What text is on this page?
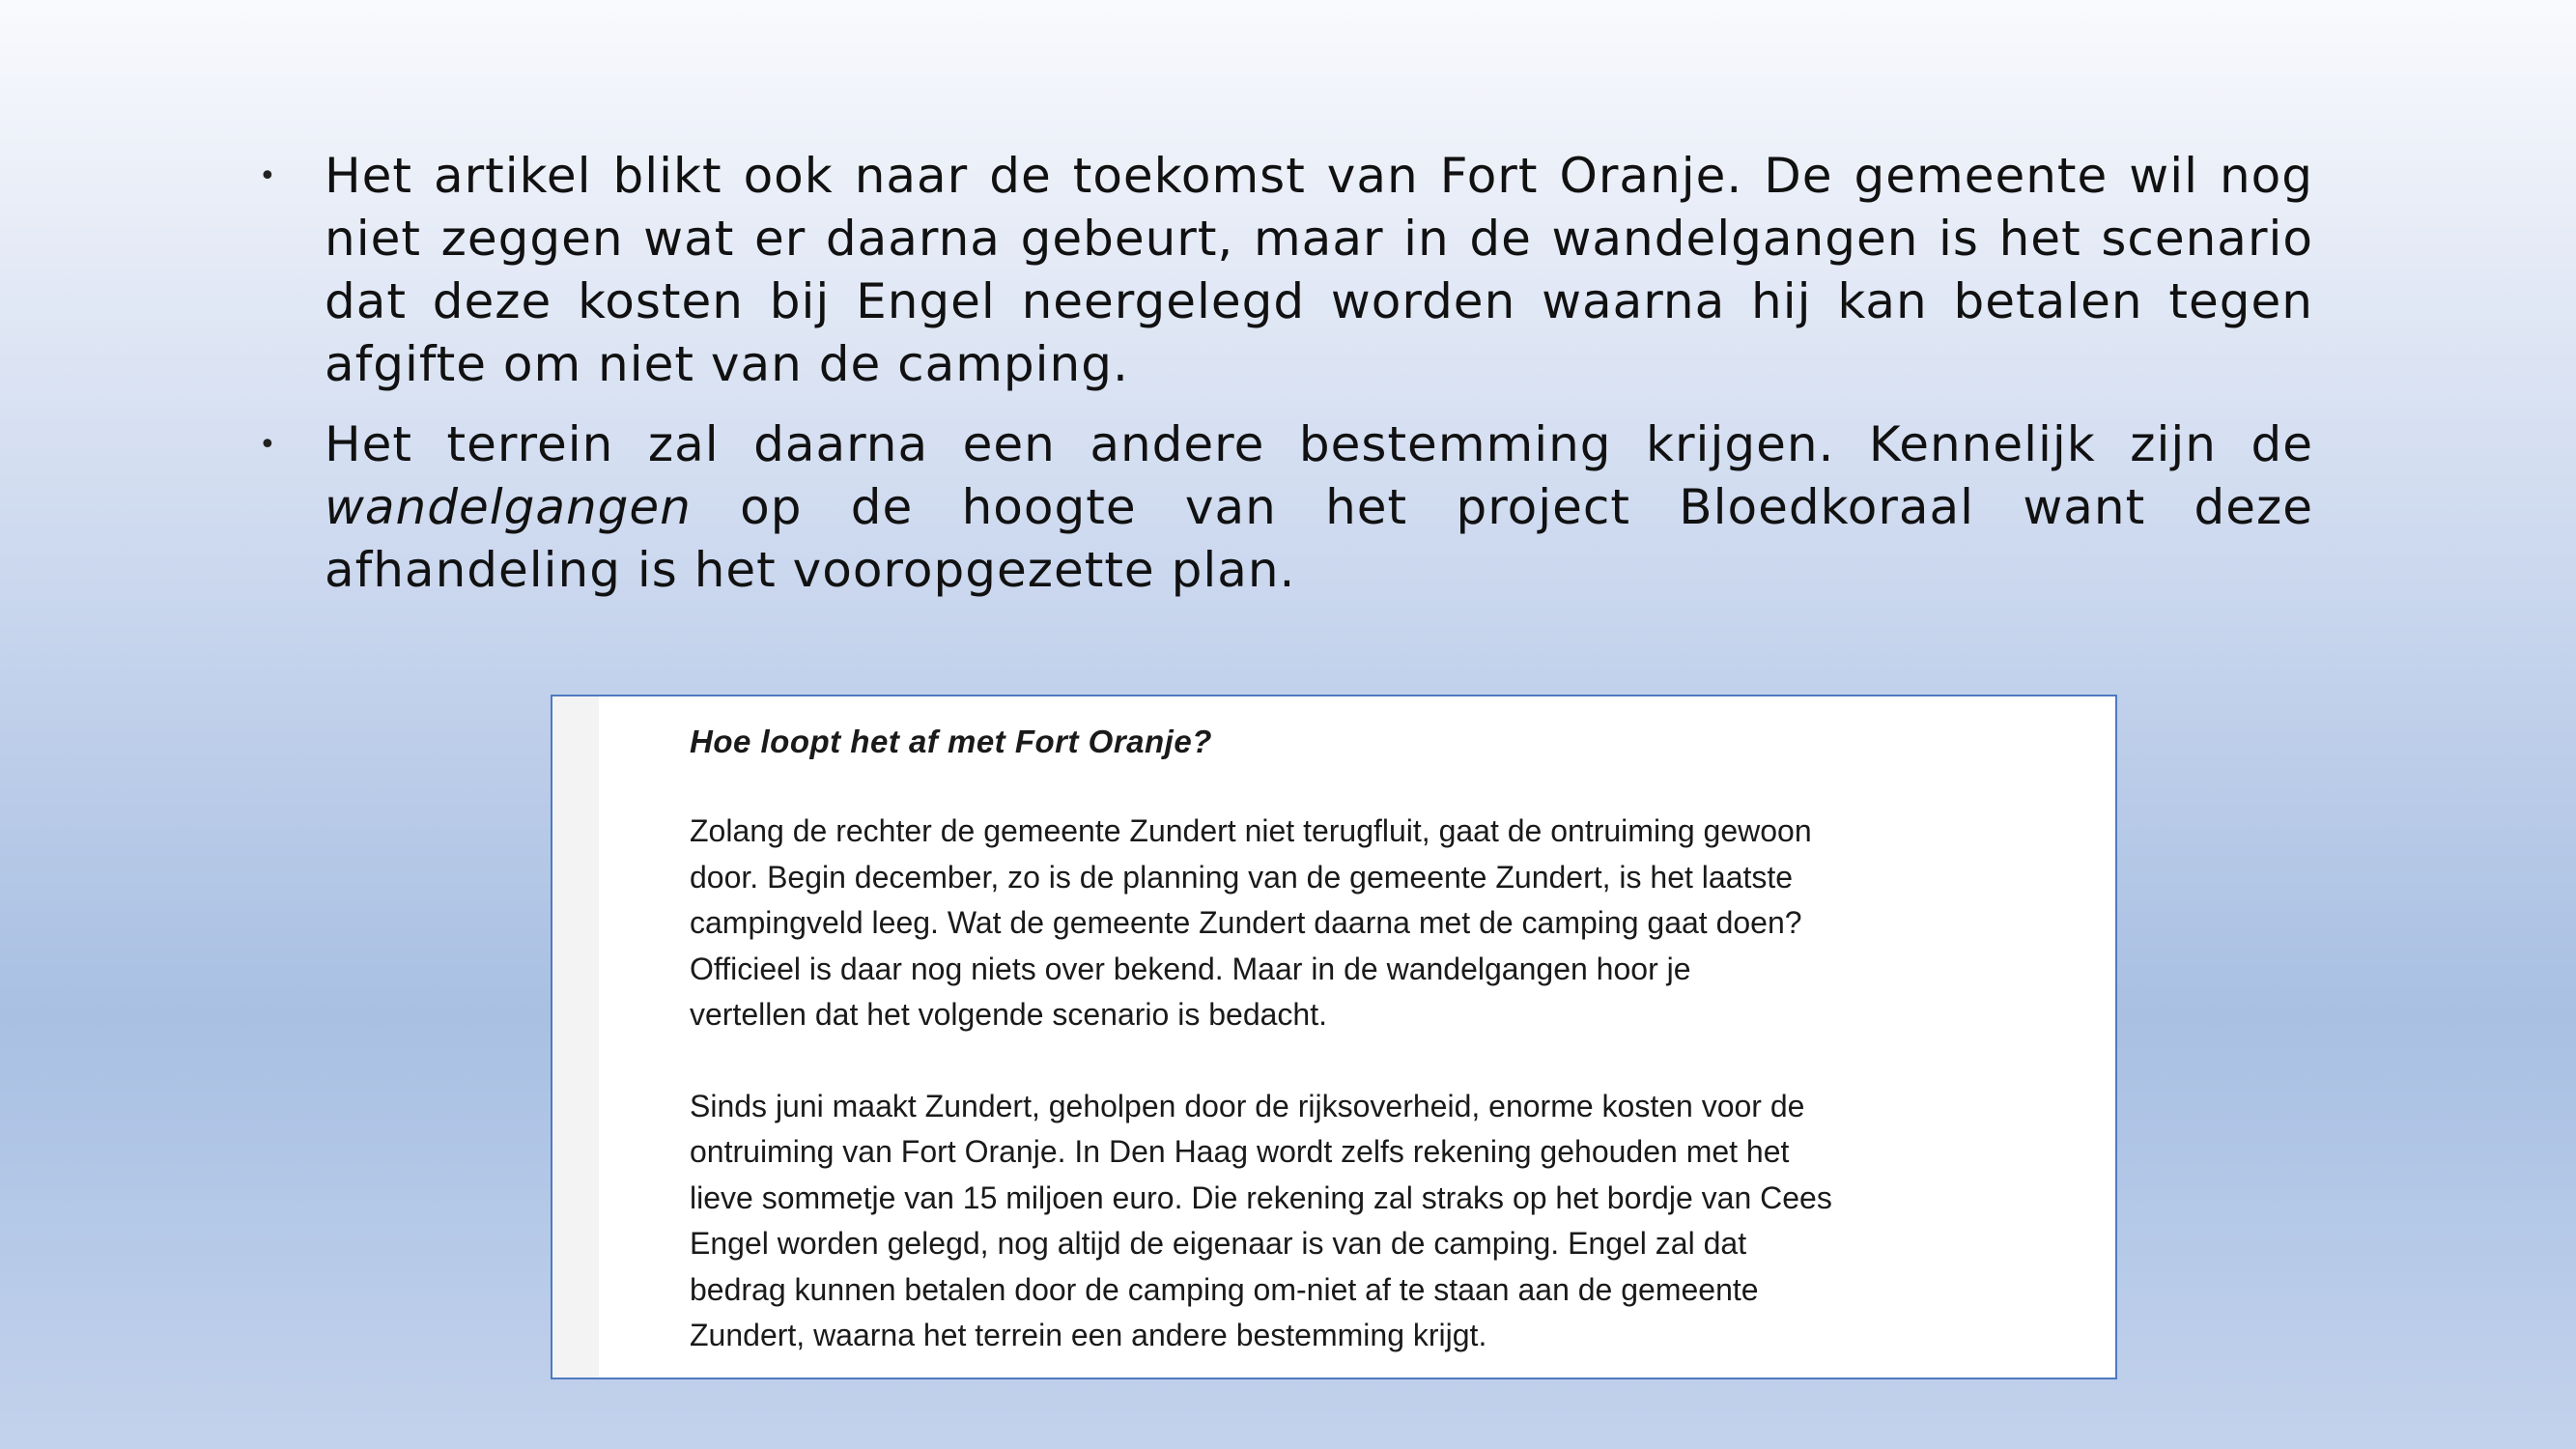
• Het artikel blikt ook naar de toekomst van Fort Oranje. De gemeente wil nog niet zeggen wat er daarna gebeurt, maar in de wandelgangen is het scenario dat deze kosten bij Engel neergelegd worden waarna hij kan betalen tegen afgifte om niet van de camping.
• Het terrein zal daarna een andere bestemming krijgen. Kennelijk zijn de wandelgangen op de hoogte van het project Bloedkoraal want deze afhandeling is het vooropgezette plan.
Hoe loopt het af met Fort Oranje?
Zolang de rechter de gemeente Zundert niet terugfluit, gaat de ontruiming gewoon
door. Begin december, zo is de planning van de gemeente Zundert, is het laatste
campingveld leeg. Wat de gemeente Zundert daarna met de camping gaat doen?
Officieel is daar nog niets over bekend. Maar in de wandelgangen hoor je
vertellen dat het volgende scenario is bedacht.
Sinds juni maakt Zundert, geholpen door de rijksoverheid, enorme kosten voor de
ontruiming van Fort Oranje. In Den Haag wordt zelfs rekening gehouden met het
lieve sommetje van 15 miljoen euro. Die rekening zal straks op het bordje van Cees
Engel worden gelegd, nog altijd de eigenaar is van de camping. Engel zal dat
bedrag kunnen betalen door de camping om-niet af te staan aan de gemeente
Zundert, waarna het terrein een andere bestemming krijgt.
